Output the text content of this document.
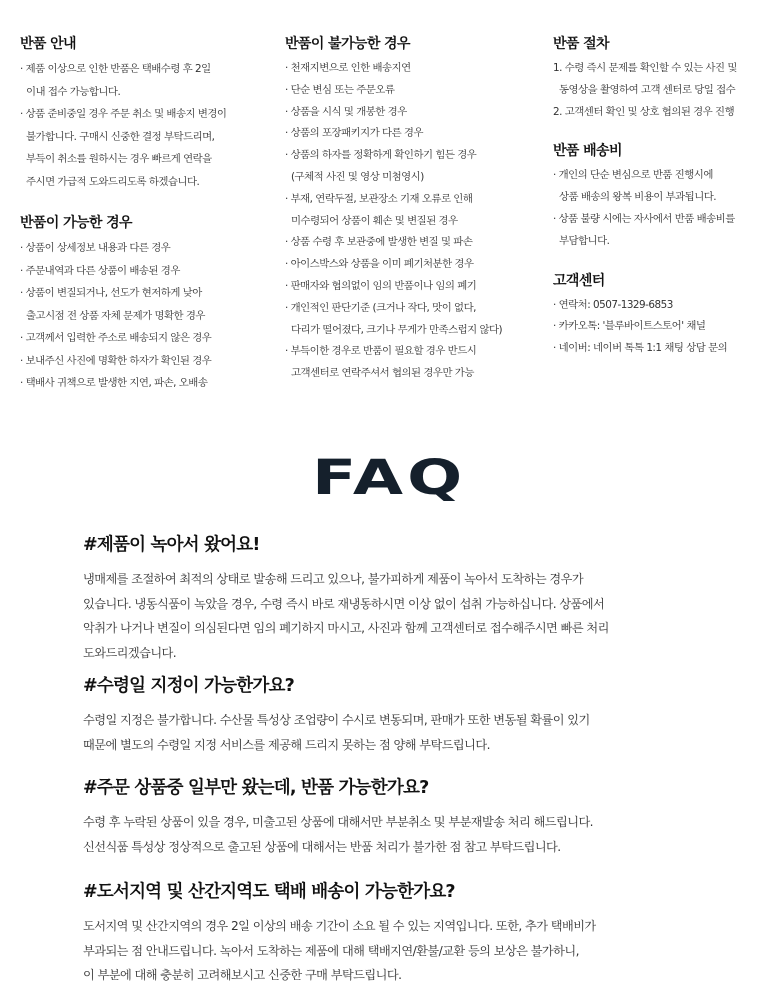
반품 안내
· 제품 이상으로 인한 반품은 택배수령 후 2일
이내 접수 가능합니다.
· 상품 준비중일 경우 주문 취소 및 배송지 변경이
불가합니다. 구매시 신중한 결정 부탁드리며,
부득이 취소를 원하시는 경우 빠르게 연락을
주시면 가급적 도와드리도록 하겠습니다.
반품이 가능한 경우
· 상품이 상세정보 내용과 다른 경우
· 주문내역과 다른 상품이 배송된 경우
· 상품이 변질되거나, 선도가 현저하게 낮아
출고시점 전 상품 자체 문제가 명확한 경우
· 고객께서 입력한 주소로 배송되지 않은 경우
· 보내주신 사진에 명확한 하자가 확인된 경우
· 택배사 귀책으로 발생한 지연, 파손, 오배송
반품이 불가능한 경우
· 천재지변으로 인한 배송지연
· 단순 변심 또는 주문오류
· 상품을 시식 및 개봉한 경우
· 상품의 포장패키지가 다른 경우
· 상품의 하자를 정확하게 확인하기 힘든 경우
(구체적 사진 및 영상 미첨영시)
· 부재, 연락두절, 보관장소 기재 오류로 인해
미수령되어 상품이 훼손 및 변질된 경우
· 상품 수령 후 보관중에 발생한 변질 및 파손
· 아이스박스와 상품을 이미 폐기처분한 경우
· 판매자와 협의없이 임의 반품이나 임의 폐기
· 개인적인 판단기준 (크거나 작다, 맛이 없다,
다리가 떨어졌다, 크기나 무게가 만족스럽지 않다)
· 부득이한 경우로 반품이 필요할 경우 반드시
고객센터로 연락주셔서 협의된 경우만 가능
반품 절차
1. 수령 즉시 문제를 확인할 수 있는 사진 및
동영상을 촬영하여 고객 센터로 당일 접수
2. 고객센터 확인 및 상호 협의된 경우 진행
반품 배송비
· 개인의 단순 변심으로 반품 진행시에
상품 배송의 왕복 비용이 부과됩니다.
· 상품 불량 시에는 자사에서 반품 배송비를
부담합니다.
고객센터
· 연락처: 0507-1329-6853
· 카카오톡: '블루바이트스토어' 채널
· 네이버: 네이버 톡톡 1:1 채팅 상담 문의
FAQ
#제품이 녹아서 왔어요!

냉매제를 조절하여 최적의 상태로 발송해 드리고 있으나, 불가피하게 제품이 녹아서 도착하는 경우가
있습니다. 냉동식품이 녹았을 경우, 수령 즉시 바로 재냉동하시면 이상 없이 섭취 가능하십니다. 상품에서
악취가 나거나 변질이 의심된다면 임의 폐기하지 마시고, 사진과 함께 고객센터로 접수해주시면 빠른 처리
도와드리겠습니다.

#수령일 지정이 가능한가요?

수령일 지정은 불가합니다. 수산물 특성상 조업량이 수시로 변동되며, 판매가 또한 변동될 확률이 있기
때문에 별도의 수령일 지정 서비스를 제공해 드리지 못하는 점 양해 부탁드립니다.

#주문 상품중 일부만 왔는데, 반품 가능한가요?

수령 후 누락된 상품이 있을 경우, 미출고된 상품에 대해서만 부분취소 및 부분재발송 처리 해드립니다.
신선식품 특성상 정상적으로 출고된 상품에 대해서는 반품 처리가 불가한 점 참고 부탁드립니다.

#도서지역 및 산간지역도 택배 배송이 가능한가요?

도서지역 및 산간지역의 경우 2일 이상의 배송 기간이 소요 될 수 있는 지역입니다. 또한, 추가 택배비가
부과되는 점 안내드립니다. 녹아서 도착하는 제품에 대해 택배지연/환불/교환 등의 보상은 불가하니,
이 부분에 대해 충분히 고려해보시고 신중한 구매 부탁드립니다.
